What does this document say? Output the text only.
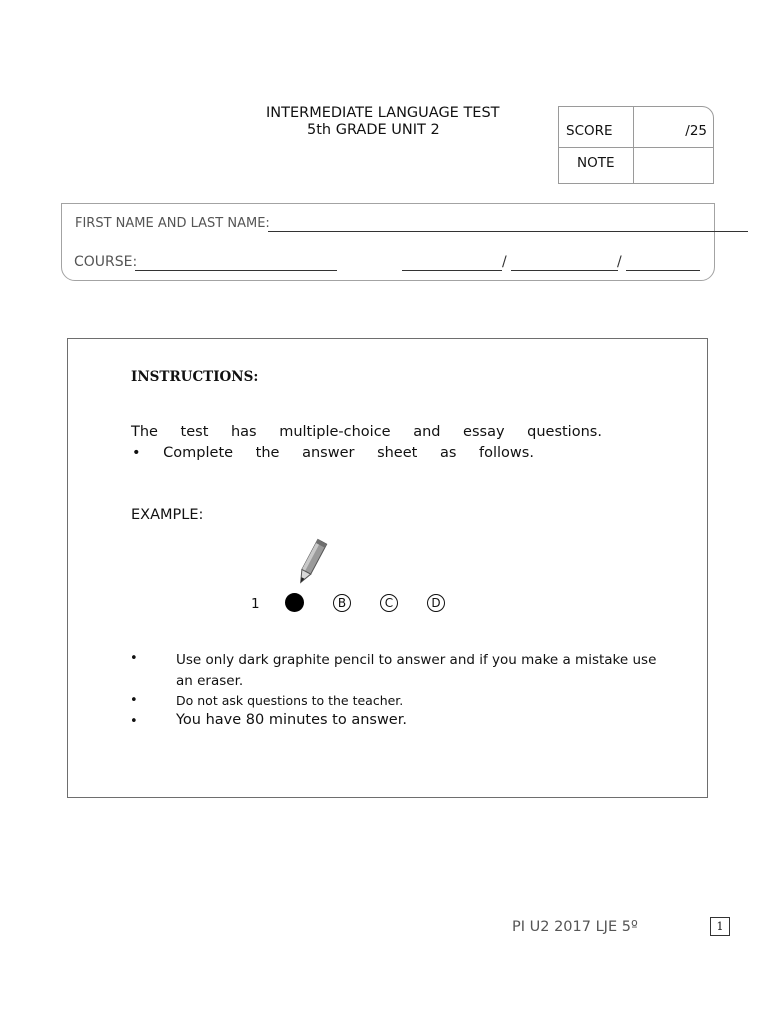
INTERMEDIATE LANGUAGE TEST
5th GRADE UNIT 2	SCORE	/25
NOTE
FIRST NAME AND LAST NAME:
COURSE:	/	/
INSTRUCTIONS:
The test has multiple-choice and essay questions.
• Complete the answer sheet as follows.
EXAMPLE:
1	B	C	D
•	Use only dark graphite pencil to answer and if you make a mistake use an eraser.
•	Do not ask questions to the teacher.
•	You have 80 minutes to answer.
PI U2 2017 LJE 5º	1
